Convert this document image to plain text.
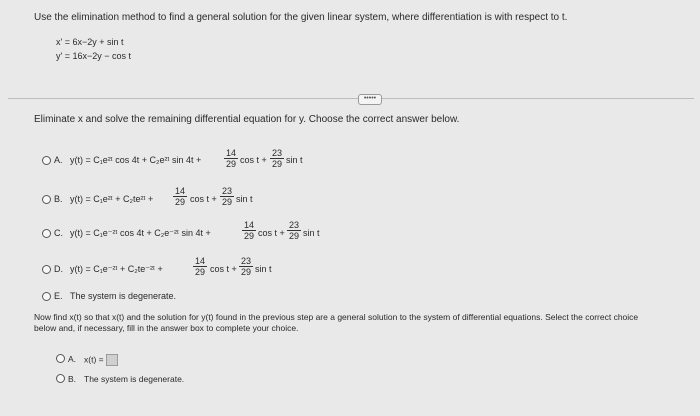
Use the elimination method to find a general solution for the given linear system, where differentiation is with respect to t.
x' = 6x−2y + sin t
y' = 16x−2y − cos t
•••••
Eliminate x and solve the remaining differential equation for y. Choose the correct answer below.
A. y(t) = C₁e²ᵗ cos 4t + C₂e²ᵗ sin 4t +
14
29 cos t +
23
29 sin t
B. y(t) = C₁e²ᵗ + C₂te²ᵗ +
14
29 cos t +
23
29 sin t
C. y(t) = C₁e⁻²ᵗ cos 4t + C₂e⁻²ᵗ sin 4t +
14
29 cos t +
23
29 sin t
D. y(t) = C₁e⁻²ᵗ + C₂te⁻²ᵗ +
14
29 cos t +
23
29 sin t
E. The system is degenerate.
Now find x(t) so that x(t) and the solution for y(t) found in the previous step are a general solution to the system of differential equations. Select the correct choice
below and, if necessary, fill in the answer box to complete your choice.
A. x(t) =
B. The system is degenerate.
